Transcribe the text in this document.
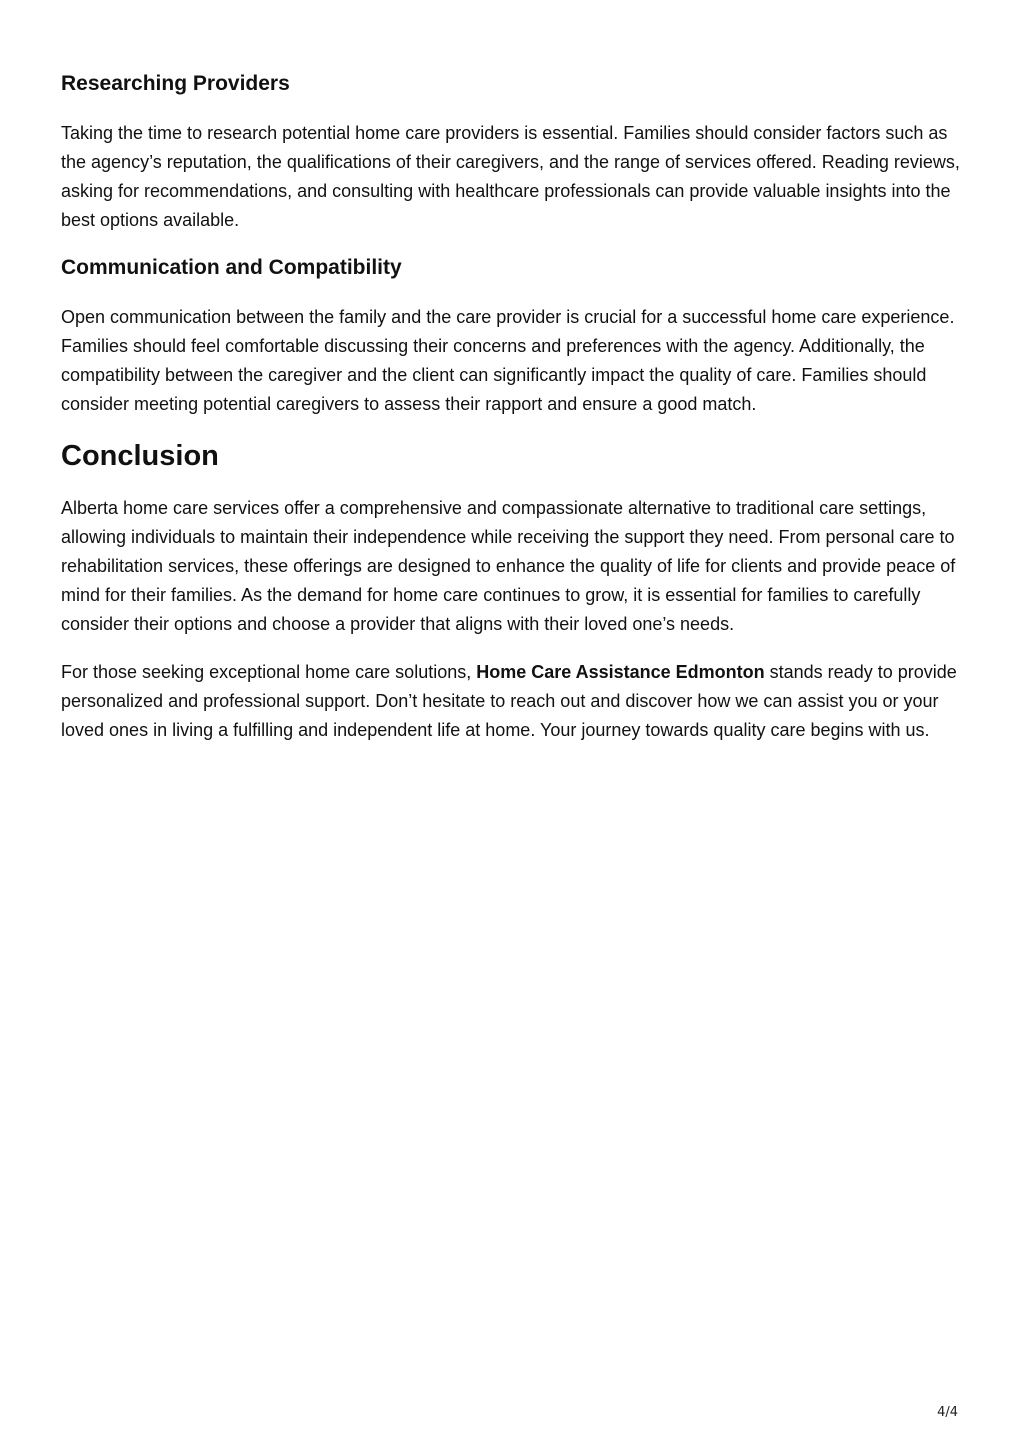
Researching Providers

Taking the time to research potential home care providers is essential. Families should consider factors such as the agency’s reputation, the qualifications of their caregivers, and the range of services offered. Reading reviews, asking for recommendations, and consulting with healthcare professionals can provide valuable insights into the best options available.

Communication and Compatibility

Open communication between the family and the care provider is crucial for a successful home care experience. Families should feel comfortable discussing their concerns and preferences with the agency. Additionally, the compatibility between the caregiver and the client can significantly impact the quality of care. Families should consider meeting potential caregivers to assess their rapport and ensure a good match.

Conclusion

Alberta home care services offer a comprehensive and compassionate alternative to traditional care settings, allowing individuals to maintain their independence while receiving the support they need. From personal care to rehabilitation services, these offerings are designed to enhance the quality of life for clients and provide peace of mind for their families. As the demand for home care continues to grow, it is essential for families to carefully consider their options and choose a provider that aligns with their loved one’s needs.

For those seeking exceptional home care solutions, Home Care Assistance Edmonton stands ready to provide personalized and professional support. Don’t hesitate to reach out and discover how we can assist you or your loved ones in living a fulfilling and independent life at home. Your journey towards quality care begins with us.

4/4
